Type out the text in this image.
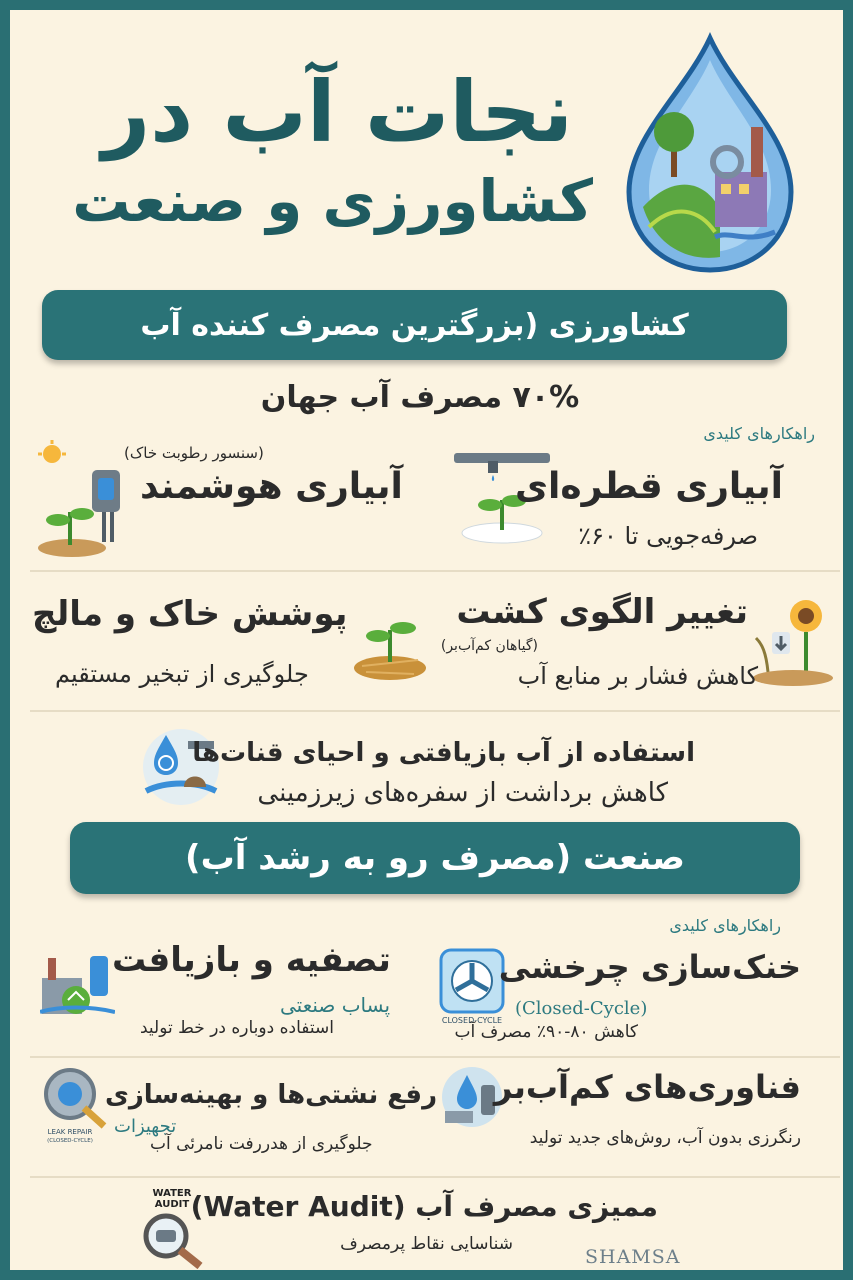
نجات آب در
کشاورزی و صنعت
کشاورزی (بزرگترین مصرف کننده آب
۷۰% مصرف آب جهان
راهکارهای کلیدی
آبیاری قطره‌ای
صرفه‌جویی تا ۶۰٪
(سنسور رطوبت خاک)
آبیاری هوشمند
تغییر الگوی کشت
(گیاهان کم‌آب‌بر)
کاهش فشار بر منابع آب
پوشش خاک و مالچ
جلوگیری از تبخیر مستقیم
استفاده از آب بازیافتی و احیای قنات‌ها
کاهش برداشت از سفره‌های زیرزمینی
صنعت (مصرف رو به رشد آب)
راهکارهای کلیدی
CLOSED-CYCLE
خنک‌سازی چرخشی
(Closed-Cycle)
کاهش ۸۰-۹۰٪ مصرف آب
تصفیه و بازیافت
پساب صنعتی
استفاده دوباره در خط تولید
فناوری‌های کم‌آب‌بر
رنگرزی بدون آب، روش‌های جدید تولید
LEAK REPAIR
(CLOSED-CYCLE)
رفع نشتی‌ها و بهینه‌سازی
تجهیزات
جلوگیری از هدررفت نامرئی آب
WATER
AUDIT ممیزی مصرف آب (Water Audit)
شناسایی نقاط پرمصرف
SHAMSA
